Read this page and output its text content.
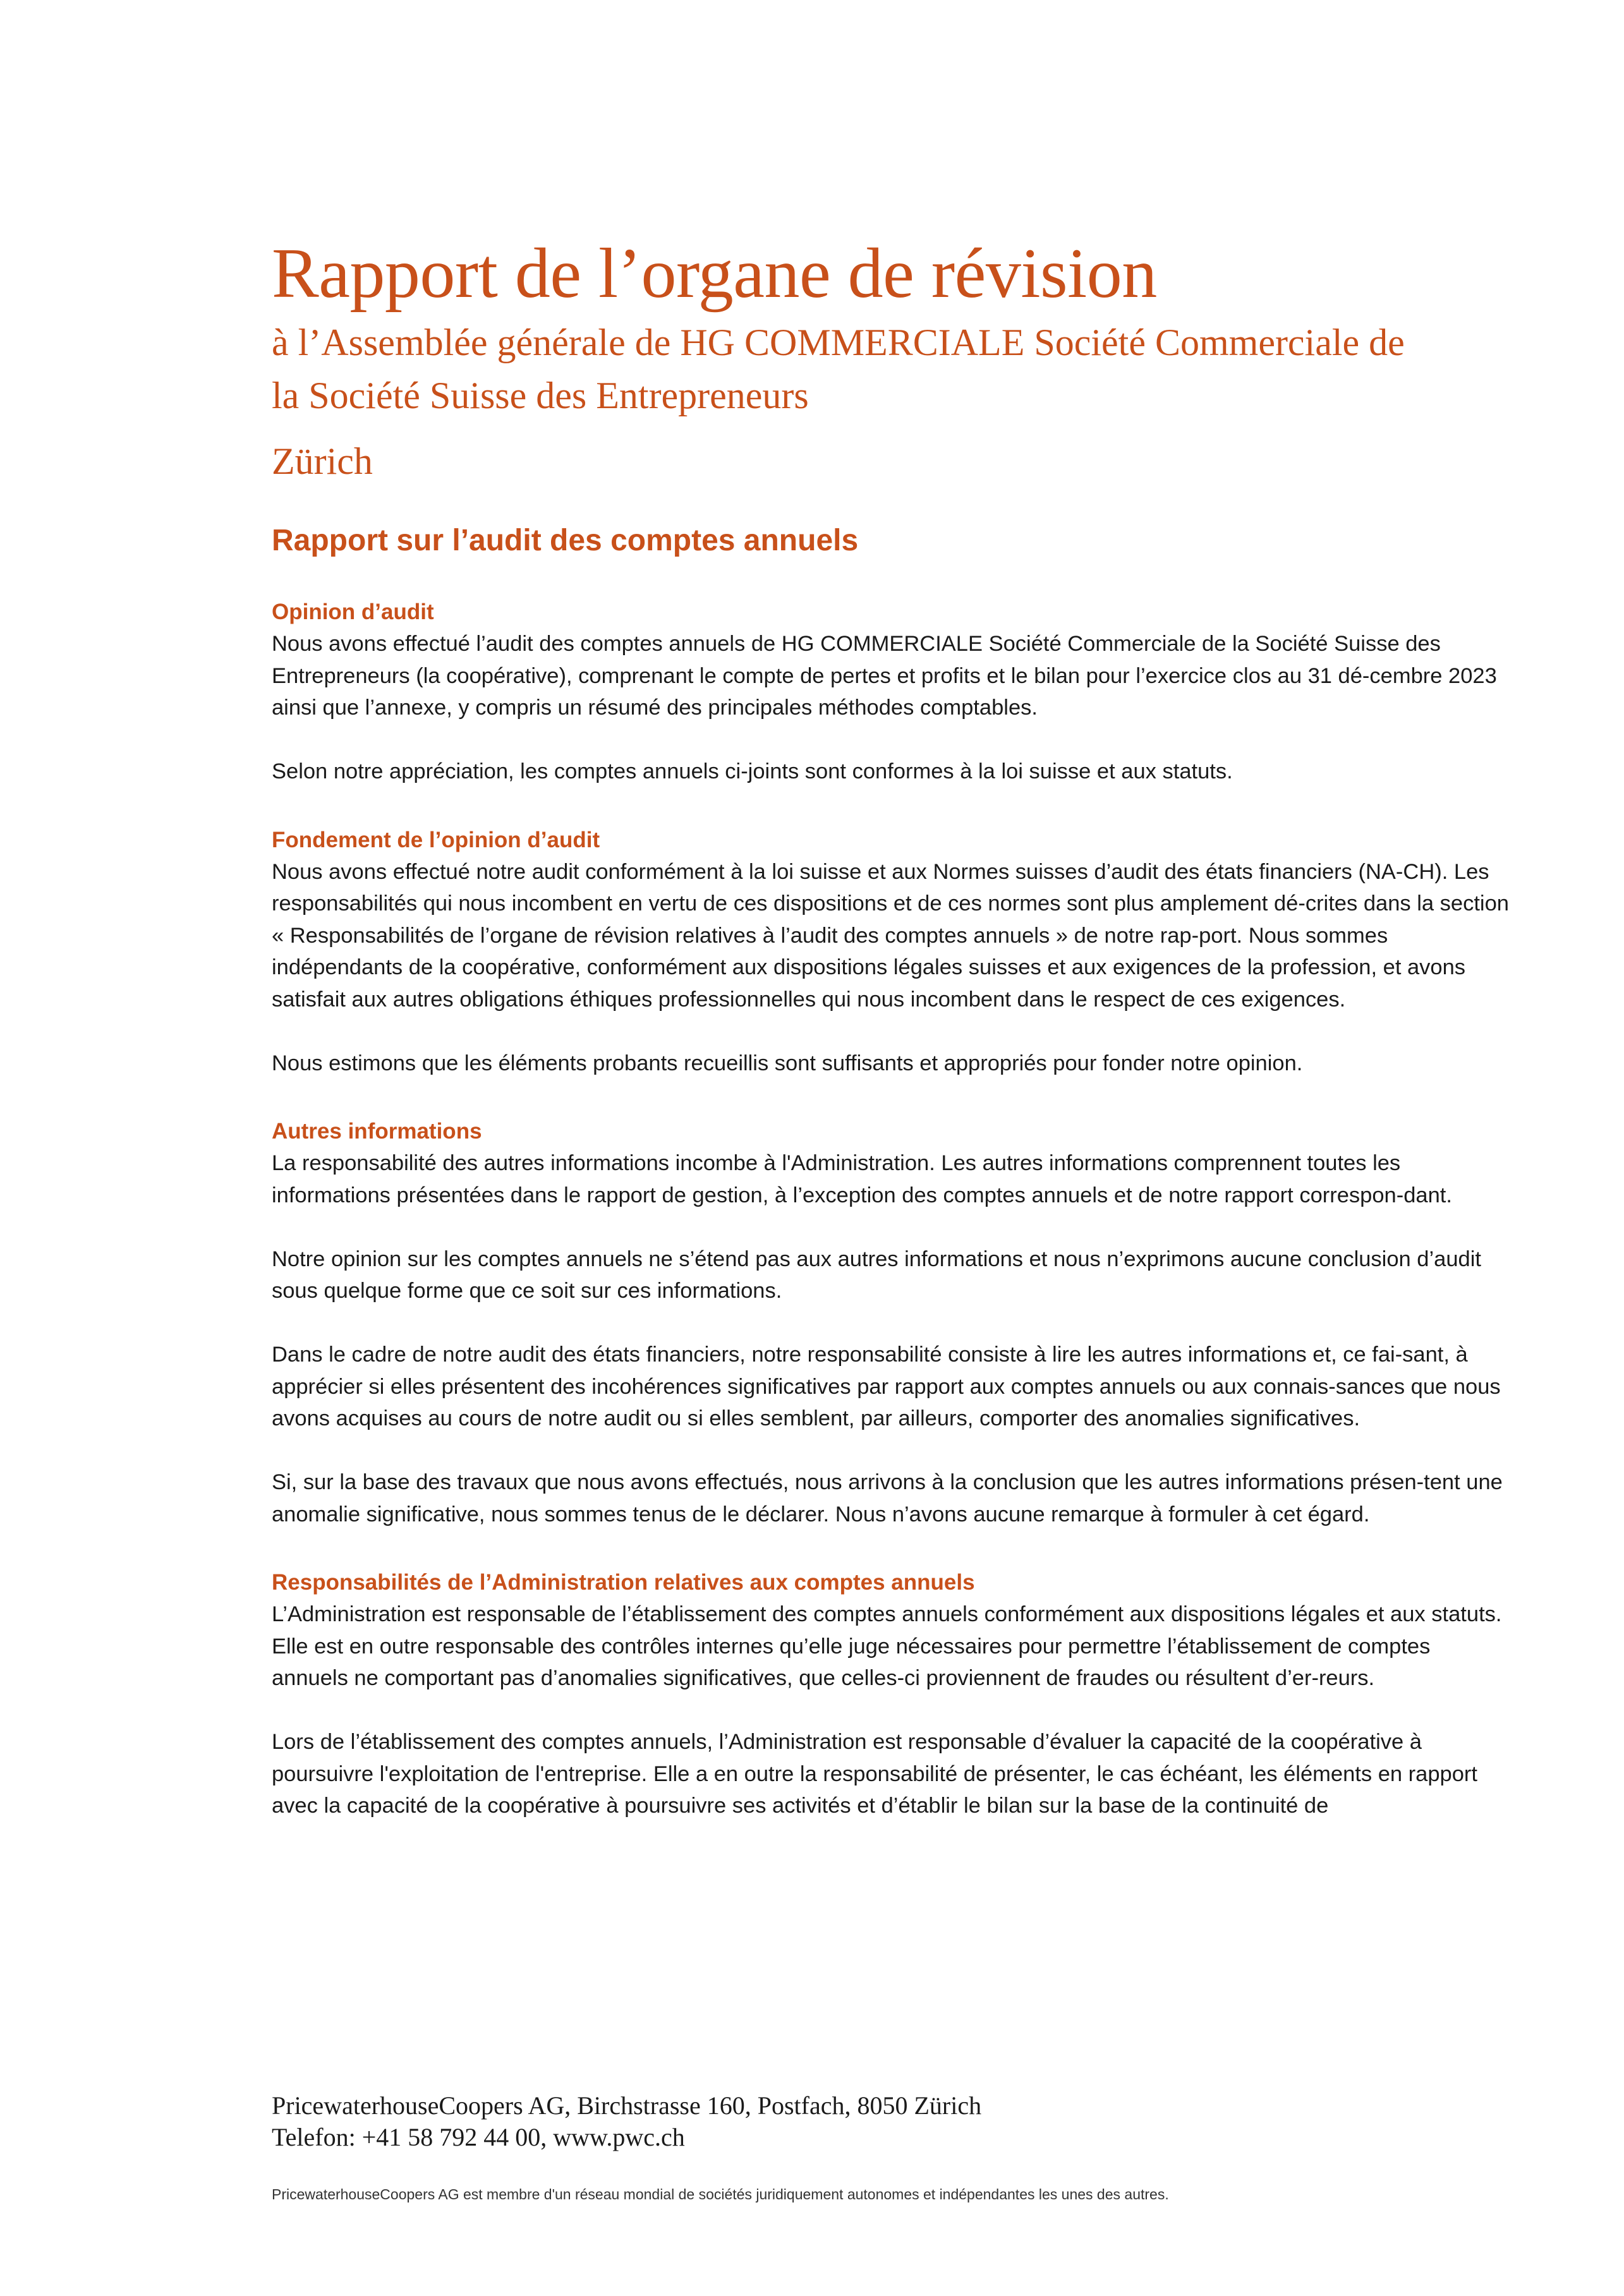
Rapport de l’organe de révision
à l’Assemblée générale de HG COMMERCIALE Société Commerciale de
la Société Suisse des Entrepreneurs
Zürich
Rapport sur l’audit des comptes annuels
Opinion d’audit

Nous avons effectué l’audit des comptes annuels de HG COMMERCIALE Société Commerciale de la Société Suisse des Entrepreneurs (la coopérative), comprenant le compte de pertes et profits et le bilan pour l’exercice clos au 31 dé-cembre 2023 ainsi que l’annexe, y compris un résumé des principales méthodes comptables.

Selon notre appréciation, les comptes annuels ci-joints sont conformes à la loi suisse et aux statuts.

Fondement de l’opinion d’audit

Nous avons effectué notre audit conformément à la loi suisse et aux Normes suisses d’audit des états financiers (NA-CH). Les responsabilités qui nous incombent en vertu de ces dispositions et de ces normes sont plus amplement dé-crites dans la section « Responsabilités de l’organe de révision relatives à l’audit des comptes annuels » de notre rap-port. Nous sommes indépendants de la coopérative, conformément aux dispositions légales suisses et aux exigences de la profession, et avons satisfait aux autres obligations éthiques professionnelles qui nous incombent dans le respect de ces exigences.

Nous estimons que les éléments probants recueillis sont suffisants et appropriés pour fonder notre opinion.

Autres informations

La responsabilité des autres informations incombe à l'Administration. Les autres informations comprennent toutes les informations présentées dans le rapport de gestion, à l’exception des comptes annuels et de notre rapport correspon-dant.

Notre opinion sur les comptes annuels ne s’étend pas aux autres informations et nous n’exprimons aucune conclusion d’audit sous quelque forme que ce soit sur ces informations.

Dans le cadre de notre audit des états financiers, notre responsabilité consiste à lire les autres informations et, ce fai-sant, à apprécier si elles présentent des incohérences significatives par rapport aux comptes annuels ou aux connais-sances que nous avons acquises au cours de notre audit ou si elles semblent, par ailleurs, comporter des anomalies significatives.

Si, sur la base des travaux que nous avons effectués, nous arrivons à la conclusion que les autres informations présen-tent une anomalie significative, nous sommes tenus de le déclarer. Nous n’avons aucune remarque à formuler à cet égard.

Responsabilités de l’Administration relatives aux comptes annuels

L’Administration est responsable de l’établissement des comptes annuels conformément aux dispositions légales et aux statuts. Elle est en outre responsable des contrôles internes qu’elle juge nécessaires pour permettre l’établissement de comptes annuels ne comportant pas d’anomalies significatives, que celles-ci proviennent de fraudes ou résultent d’er-reurs.

Lors de l’établissement des comptes annuels, l’Administration est responsable d’évaluer la capacité de la coopérative à poursuivre l'exploitation de l'entreprise. Elle a en outre la responsabilité de présenter, le cas échéant, les éléments en rapport avec la capacité de la coopérative à poursuivre ses activités et d’établir le bilan sur la base de la continuité de

PricewaterhouseCoopers AG, Birchstrasse 160, Postfach, 8050 Zürich
Telefon: +41 58 792 44 00, www.pwc.ch
PricewaterhouseCoopers AG est membre d'un réseau mondial de sociétés juridiquement autonomes et indépendantes les unes des autres.
